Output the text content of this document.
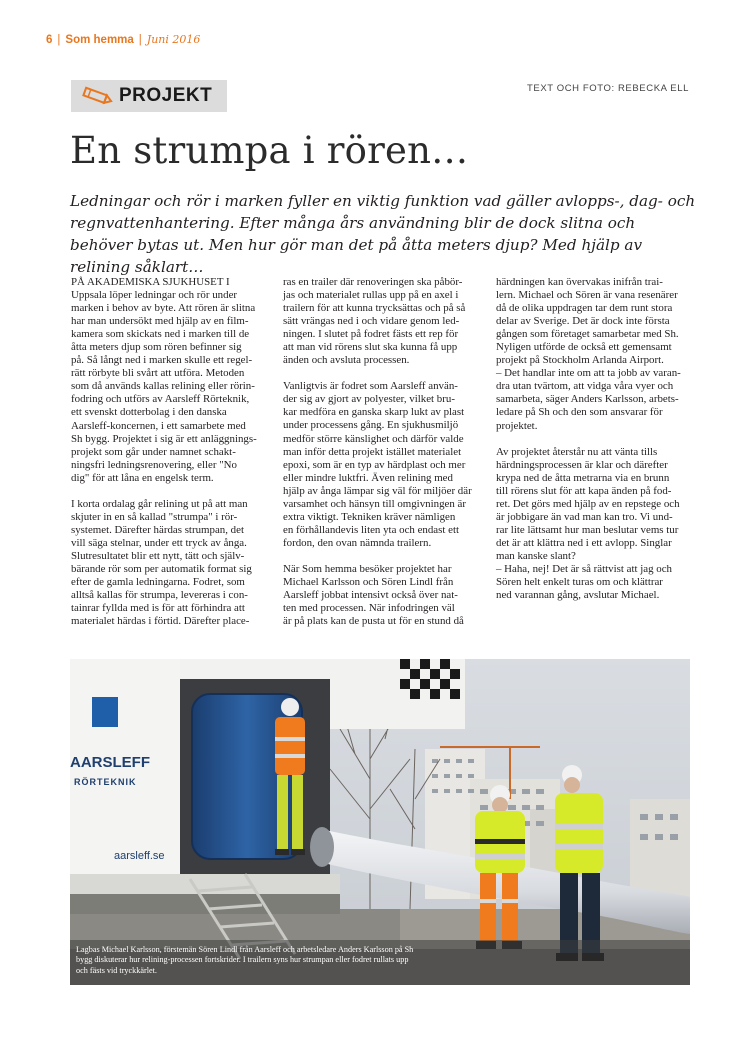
6 | Som hemma | Juni 2016
PROJEKT	TEXT OCH FOTO: REBECKA ELL
En strumpa i rören…
Ledningar och rör i marken fyller en viktig funktion vad gäller avlopps-, dag- och regnvattenhantering. Efter många års användning blir de dock slitna och behöver bytas ut. Men hur gör man det på åtta meters djup? Med hjälp av relining såklart…
PÅ AKADEMISKA SJUKHUSET I
Uppsala löper ledningar och rör under
marken i behov av byte. Att rören är slitna
har man undersökt med hjälp av en film-
kamera som skickats ned i marken till de
åtta meters djup som rören befinner sig
på. Så långt ned i marken skulle ett regel-
rätt rörbyte bli svårt att utföra. Metoden
som då används kallas relining eller rörin-
fodring och utförs av Aarsleff Rörteknik,
ett svenskt dotterbolag i den danska
Aarsleff-koncernen, i ett samarbete med
Sh bygg. Projektet i sig är ett anläggnings-
projekt som går under namnet schakt-
ningsfri ledningsrenovering, eller "No
dig" för att låna en engelsk term.
I korta ordalag går relining ut på att man
skjuter in en så kallad "strumpa" i rör-
systemet. Därefter härdas strumpan, det
vill säga stelnar, under ett tryck av ånga.
Slutresultatet blir ett nytt, tätt och själv-
bärande rör som per automatik format sig
efter de gamla ledningarna. Fodret, som
alltså kallas för strumpa, levereras i con-
tainrar fyllda med is för att förhindra att
materialet härdas i förtid. Därefter place-
ras en trailer där renoveringen ska påbör-
jas och materialet rullas upp på en axel i
trailern för att kunna trycksättas och på så
sätt vrängas ned i och vidare genom led-
ningen. I slutet på fodret fästs ett rep för
att man vid rörens slut ska kunna få upp
änden och avsluta processen.
Vanligtvis är fodret som Aarsleff använ-
der sig av gjort av polyester, vilket bru-
kar medföra en ganska skarp lukt av plast
under processens gång. En sjukhusmiljö
medför större känslighet och därför valde
man inför detta projekt istället materialet
epoxi, som är en typ av härdplast och mer
eller mindre luktfri. Även relining med
hjälp av ånga lämpar sig väl för miljöer där
varsamhet och hänsyn till omgivningen är
extra viktigt. Tekniken kräver nämligen
en förhållandevis liten yta och endast ett
fordon, den ovan nämnda trailern.
När Som hemma besöker projektet har
Michael Karlsson och Sören Lindl från
Aarsleff jobbat intensivt också över nat-
ten med processen. När infodringen väl
är på plats kan de pusta ut för en stund då
härdningen kan övervakas inifrån trai-
lern. Michael och Sören är vana resenärer
då de olika uppdragen tar dem runt stora
delar av Sverige. Det är dock inte första
gången som företaget samarbetar med Sh.
Nyligen utförde de också ett gemensamt
projekt på Stockholm Arlanda Airport.
– Det handlar inte om att ta jobb av varan-
dra utan tvärtom, att vidga våra vyer och
samarbeta, säger Anders Karlsson, arbets-
ledare på Sh och den som ansvarar för
projektet.
Av projektet återstår nu att vänta tills
härdningsprocessen är klar och därefter
krypa ned de åtta metrarna via en brunn
till rörens slut för att kapa änden på fod-
ret. Det görs med hjälp av en repstege och
är jobbigare än vad man kan tro. Vi und-
rar lite lättsamt hur man beslutar vems tur
det är att klättra ned i ett avlopp. Singlar
man kanske slant?
– Haha, nej! Det är så rättvist att jag och
Sören helt enkelt turas om och klättrar
ned varannan gång, avslutar Michael.
AARSLEFF
RÖRTEKNIK
aarsleff.se
Lagbas Michael Karlsson, förstemän Sören Lindl från Aarsleff och arbetsledare Anders Karlsson på Sh bygg diskuterar hur relining-processen fortskrider. I trailern syns hur strumpan eller fodret rullats upp och fästs vid tryckkärlet.
